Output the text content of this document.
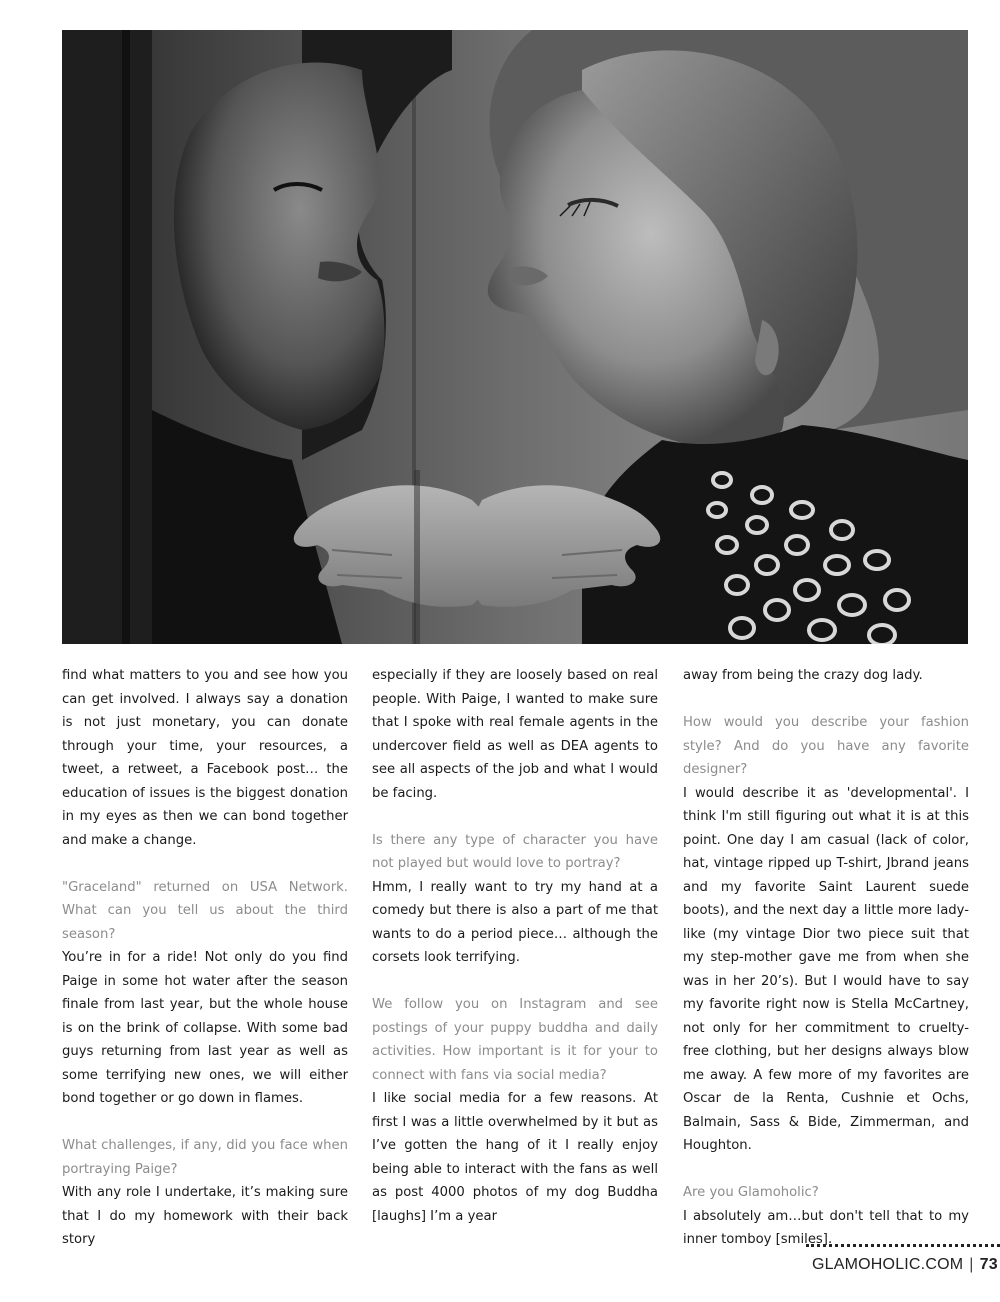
find what matters to you and see how you can get involved. I always say a donation is not just monetary, you can donate through your time, your resources, a tweet, a retweet, a Facebook post… the education of issues is the biggest donation in my eyes as then we can bond together and make a change.

"Graceland" returned on USA Network. What can you tell us about the third season?

You’re in for a ride! Not only do you find Paige in some hot water after the season finale from last year, but the whole house is on the brink of collapse. With some bad guys returning from last year as well as some terrifying new ones, we will either bond together or go down in flames.

What challenges, if any, did you face when portraying Paige?

With any role I undertake, it’s making sure that I do my homework with their back story

especially if they are loosely based on real people. With Paige, I wanted to make sure that I spoke with real female agents in the undercover field as well as DEA agents to see all aspects of the job and what I would be facing.

Is there any type of character you have not played but would love to portray?

Hmm, I really want to try my hand at a comedy but there is also a part of me that wants to do a period piece… although the corsets look terrifying.

We follow you on Instagram and see postings of your puppy buddha and daily activities. How important is it for your to connect with fans via social media?

I like social media for a few reasons. At first I was a little overwhelmed by it but as I’ve gotten the hang of it I really enjoy being able to interact with the fans as well as post 4000 photos of my dog Buddha [laughs] I’m a year

away from being the crazy dog lady.

How would you describe your fashion style? And do you have any favorite designer?

I would describe it as 'developmental'. I think I'm still figuring out what it is at this point. One day I am casual (lack of color, hat, vintage ripped up T-shirt, Jbrand jeans and my favorite Saint Laurent suede boots), and the next day a little more lady-like (my vintage Dior two piece suit that my step-mother gave me from when she was in her 20’s). But I would have to say my favorite right now is Stella McCartney, not only for her commitment to cruelty-free clothing, but her designs always blow me away. A few more of my favorites are Oscar de la Renta, Cushnie et Ochs, Balmain, Sass & Bide, Zimmerman, and Houghton.

Are you Glamoholic?

I absolutely am…but don't tell that to my inner tomboy [smiles].

GLAMOHOLIC.COM | 73
